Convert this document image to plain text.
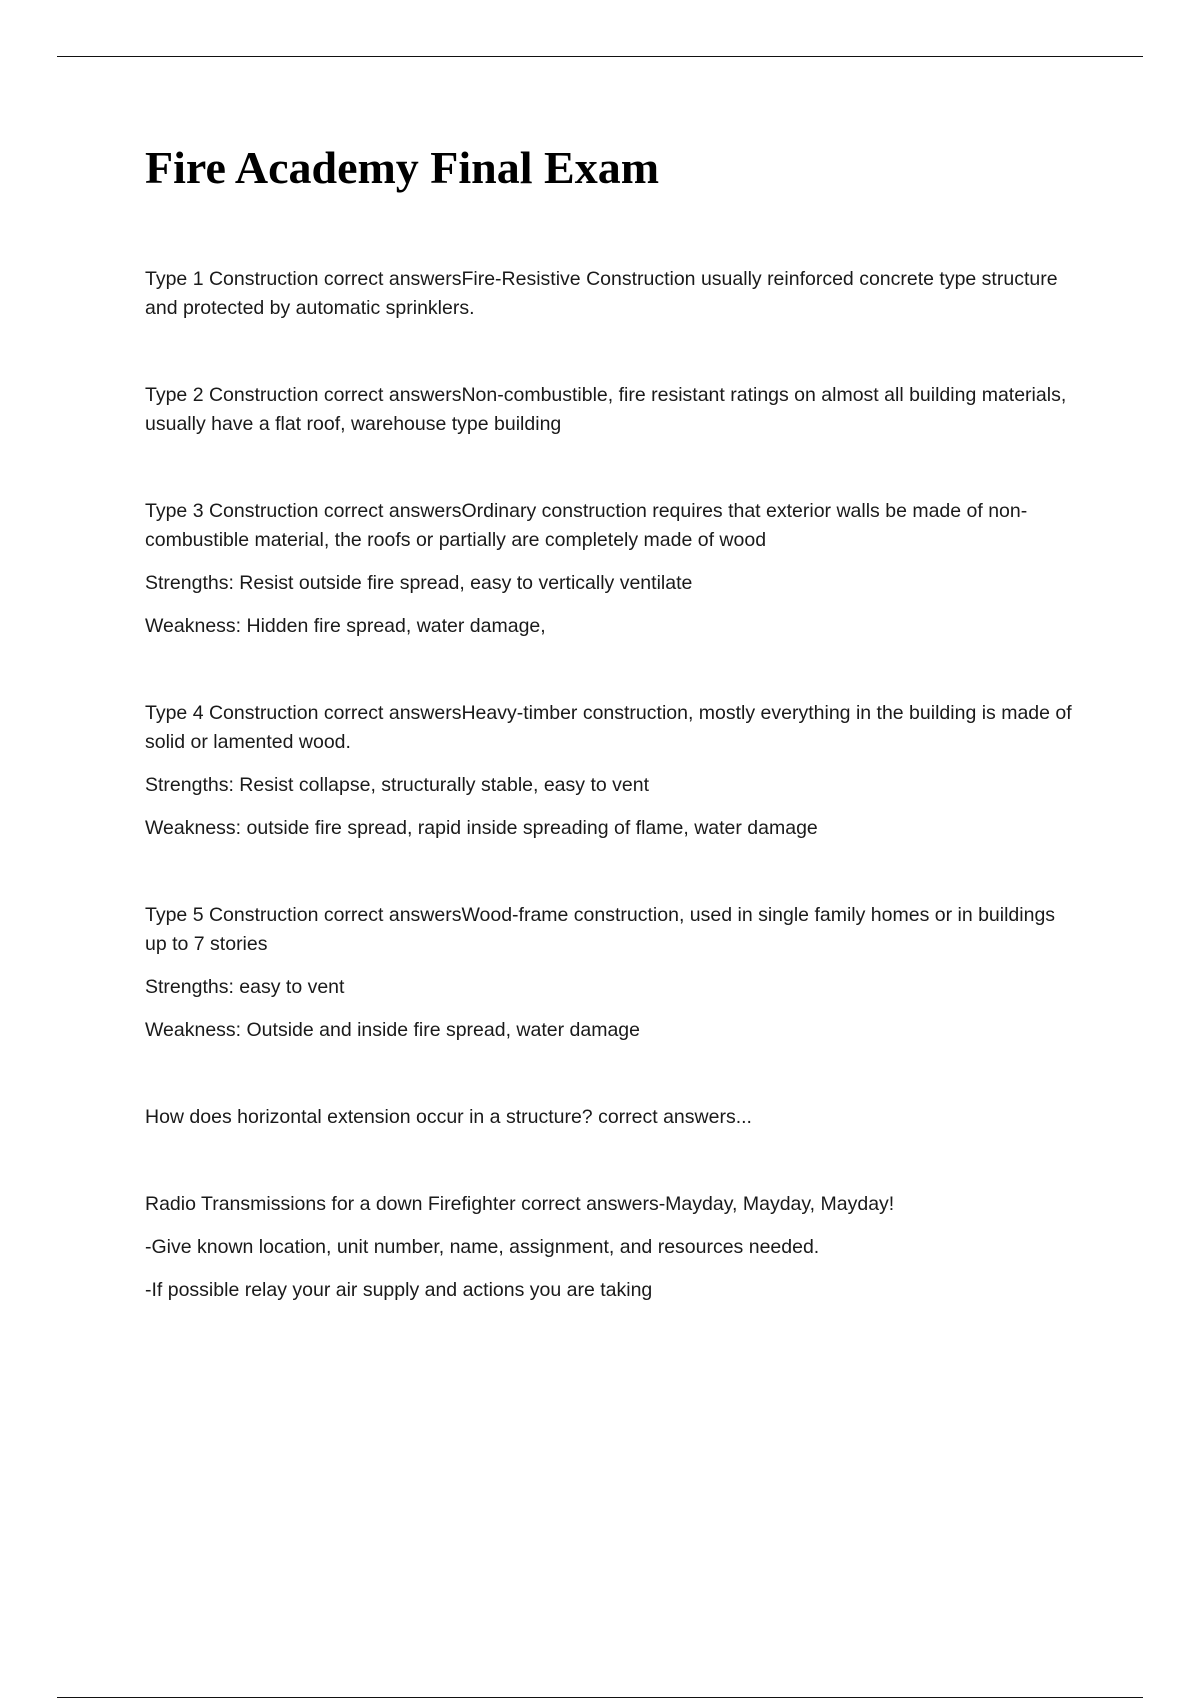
Fire Academy Final Exam

Type 1 Construction correct answersFire-Resistive Construction usually reinforced concrete type structure and protected by automatic sprinklers.

Type 2 Construction correct answersNon-combustible, fire resistant ratings on almost all building materials, usually have a flat roof, warehouse type building

Type 3 Construction correct answersOrdinary construction requires that exterior walls be made of non-combustible material, the roofs or partially are completely made of wood

Strengths: Resist outside fire spread, easy to vertically ventilate

Weakness: Hidden fire spread, water damage,

Type 4 Construction correct answersHeavy-timber construction, mostly everything in the building is made of solid or lamented wood.

Strengths: Resist collapse, structurally stable, easy to vent

Weakness: outside fire spread, rapid inside spreading of flame, water damage

Type 5 Construction correct answersWood-frame construction, used in single family homes or in buildings up to 7 stories

Strengths: easy to vent

Weakness: Outside and inside fire spread, water damage

How does horizontal extension occur in a structure? correct answers...

Radio Transmissions for a down Firefighter correct answers-Mayday, Mayday, Mayday!

-Give known location, unit number, name, assignment, and resources needed.

-If possible relay your air supply and actions you are taking
